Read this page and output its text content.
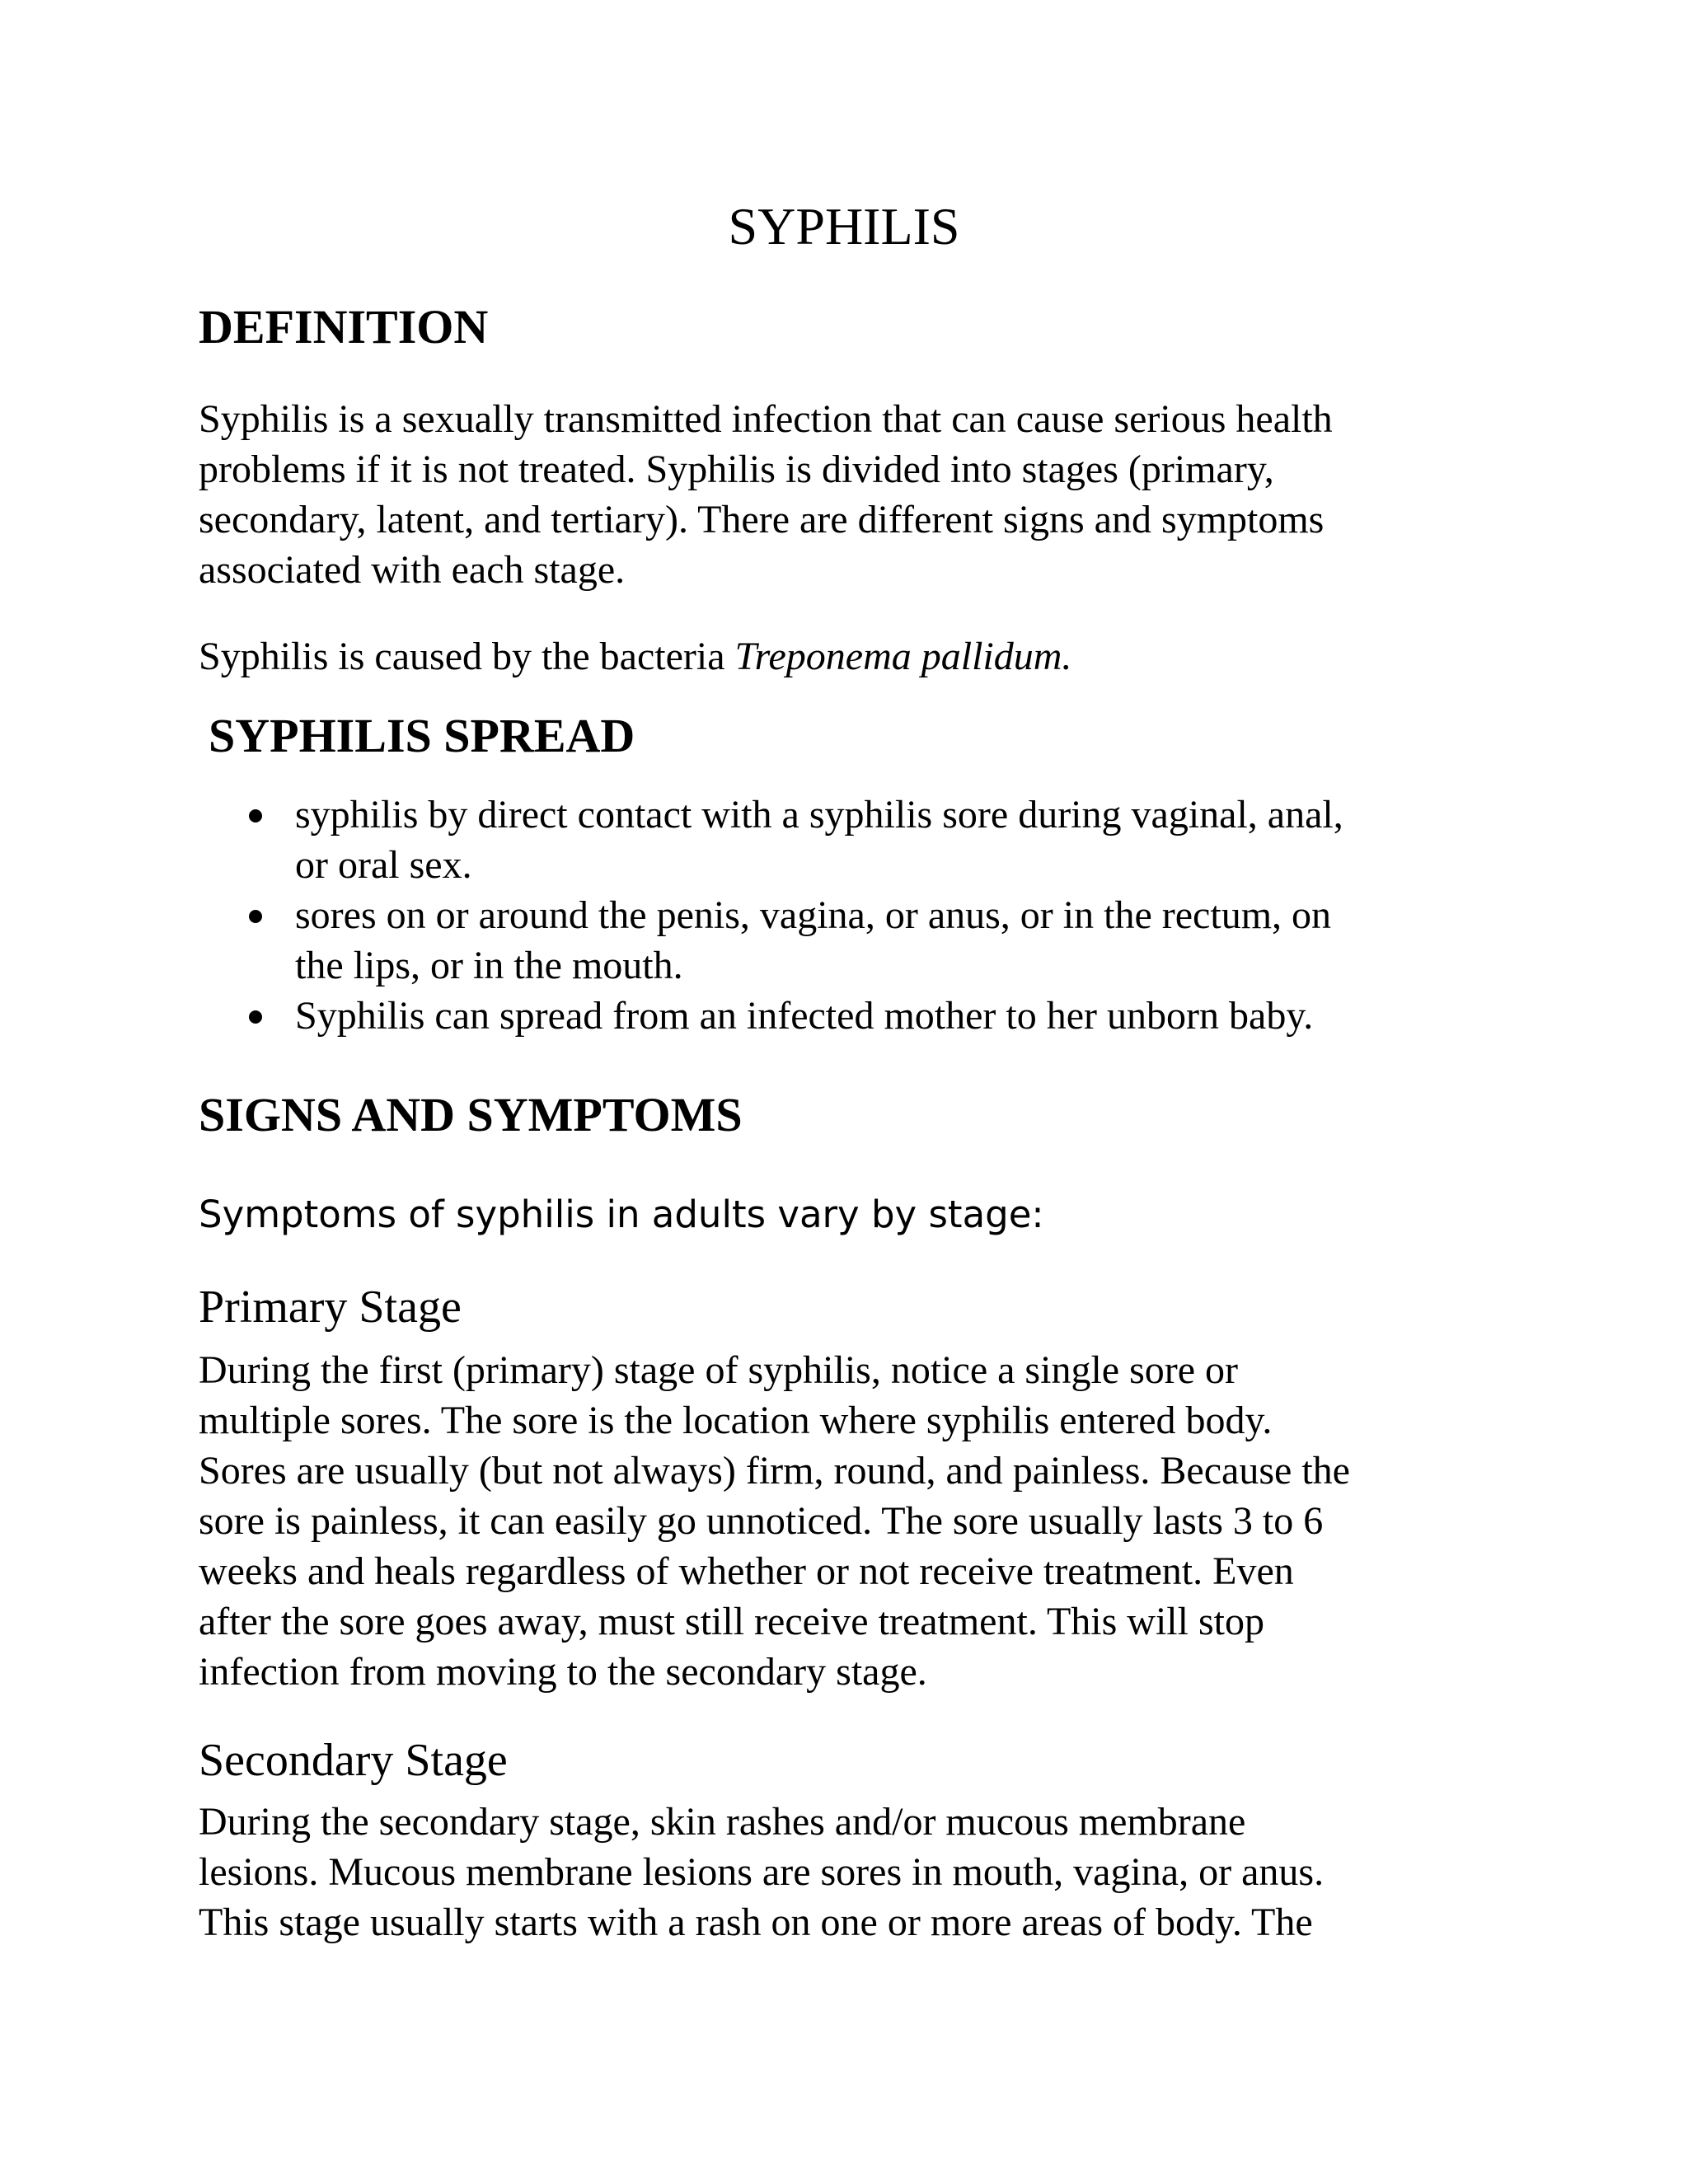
SYPHILIS
DEFINITION

Syphilis is a sexually transmitted infection that can cause serious health
problems if it is not treated. Syphilis is divided into stages (primary,
secondary, latent, and tertiary). There are different signs and symptoms
associated with each stage.

Syphilis is caused by the bacteria Treponema pallidum.

SYPHILIS SPREAD
syphilis by direct contact with a syphilis sore during vaginal, anal,
or oral sex.
sores on or around the penis, vagina, or anus, or in the rectum, on
the lips, or in the mouth.
Syphilis can spread from an infected mother to her unborn baby.
SIGNS AND SYMPTOMS

Symptoms of syphilis in adults vary by stage:

Primary Stage

During the first (primary) stage of syphilis, notice a single sore or
multiple sores. The sore is the location where syphilis entered body.
Sores are usually (but not always) firm, round, and painless. Because the
sore is painless, it can easily go unnoticed. The sore usually lasts 3 to 6
weeks and heals regardless of whether or not receive treatment. Even
after the sore goes away, must still receive treatment. This will stop
infection from moving to the secondary stage.

Secondary Stage

During the secondary stage, skin rashes and/or mucous membrane
lesions. Mucous membrane lesions are sores in mouth, vagina, or anus.
This stage usually starts with a rash on one or more areas of body. The
